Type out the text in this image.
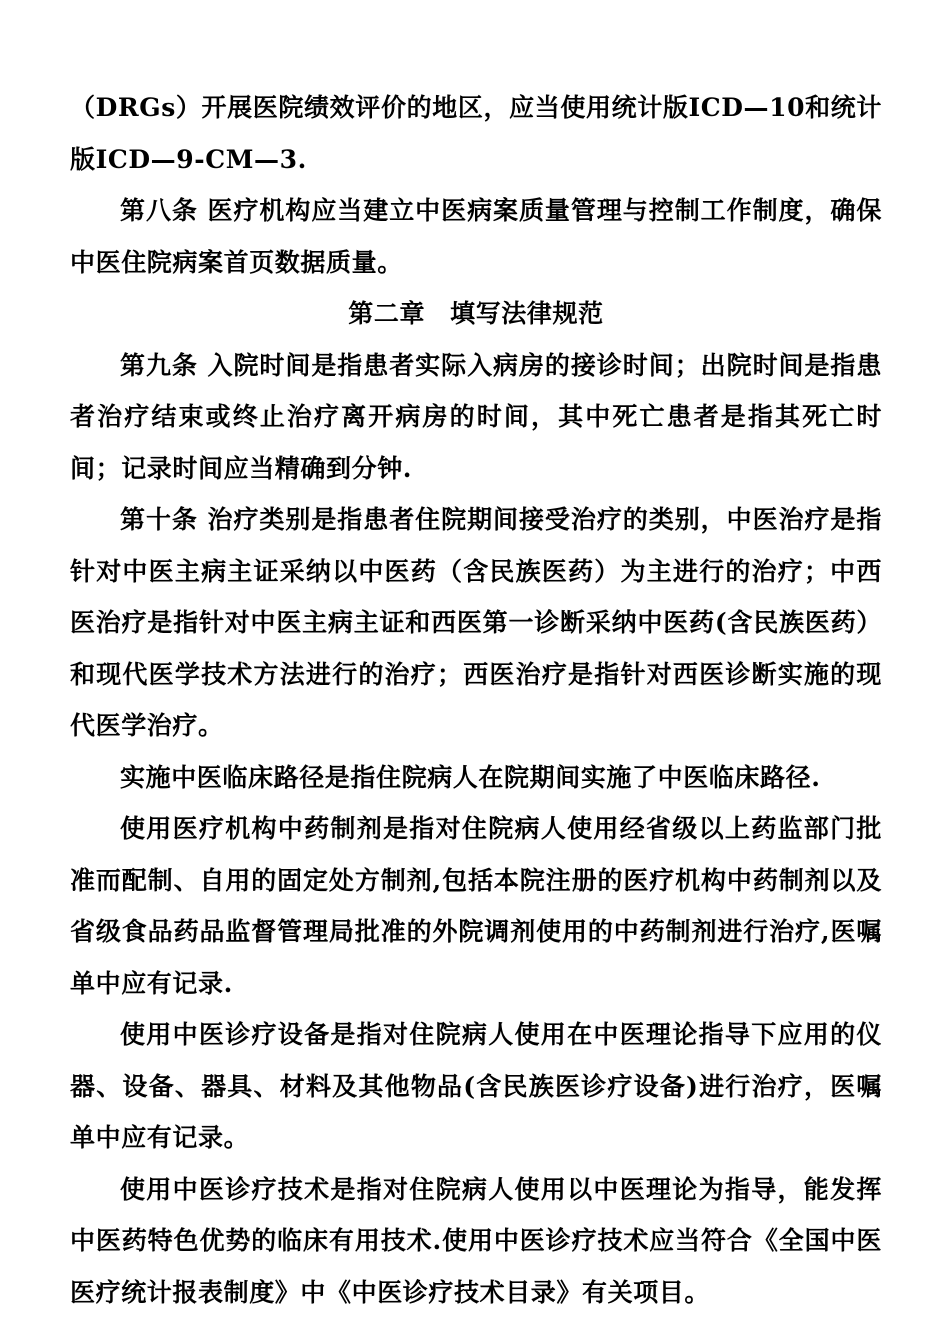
（DRGs）开展医院绩效评价的地区，应当使用统计版ICD—10和统计版ICD—9-CM—3.

第八条 医疗机构应当建立中医病案质量管理与控制工作制度，确保中医住院病案首页数据质量。

第二章 填写法律规范

第九条 入院时间是指患者实际入病房的接诊时间；出院时间是指患者治疗结束或终止治疗离开病房的时间，其中死亡患者是指其死亡时间；记录时间应当精确到分钟.

第十条 治疗类别是指患者住院期间接受治疗的类别，中医治疗是指针对中医主病主证采纳以中医药（含民族医药）为主进行的治疗；中西医治疗是指针对中医主病主证和西医第一诊断采纳中医药(含民族医药）和现代医学技术方法进行的治疗；西医治疗是指针对西医诊断实施的现代医学治疗。

实施中医临床路径是指住院病人在院期间实施了中医临床路径.

使用医疗机构中药制剂是指对住院病人使用经省级以上药监部门批准而配制、自用的固定处方制剂,包括本院注册的医疗机构中药制剂以及省级食品药品监督管理局批准的外院调剂使用的中药制剂进行治疗,医嘱单中应有记录.

使用中医诊疗设备是指对住院病人使用在中医理论指导下应用的仪器、设备、器具、材料及其他物品(含民族医诊疗设备)进行治疗，医嘱单中应有记录。

使用中医诊疗技术是指对住院病人使用以中医理论为指导，能发挥中医药特色优势的临床有用技术.使用中医诊疗技术应当符合《全国中医医疗统计报表制度》中《中医诊疗技术目录》有关项目。
